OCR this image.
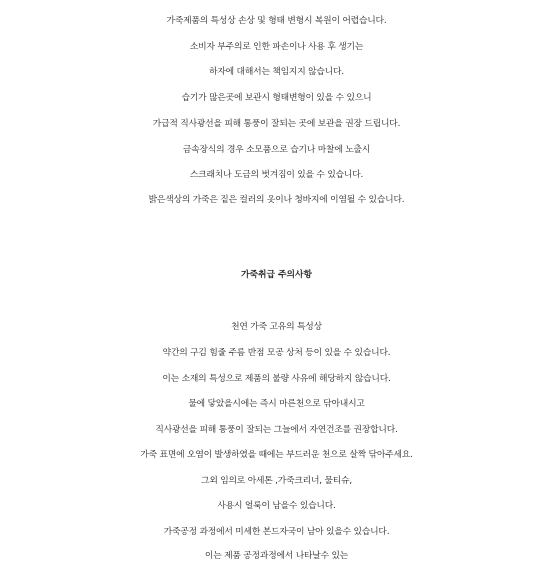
가죽제품의 특성상 손상 및 형태 변형시 복원이 어렵습니다.
소비자 부주의로 인한 파손이나 사용 후 생기는
하자에 대해서는 책임지지 않습니다.
습기가 많은곳에 보관시 형태변형이 있을 수 있으니
가급적 직사광선을 피해 통풍이 잘되는 곳에 보관을 권장 드립니다.
금속장식의 경우 소모품으로 습기나 마찰에 노출시
스크래치나 도금의 벗겨짐이 있을 수 있습니다.
밝은색상의 가죽은 짙은 컬러의 옷이나 청바지에 이염될 수 있습니다.
가죽취급 주의사항
천연 가죽 고유의 특성상
약간의 구김 힘줄 주름 반점 모공 상처 등이 있을 수 있습니다.
이는 소재의 특성으로 제품의 불량 사유에 해당하지 않습니다.
물에 닿았을시에는 즉시 마른천으로 닦아내시고
직사광선을 피해 통풍이 잘되는 그늘에서 자연건조를 권장합니다.
가죽 표면에 오염이 발생하였을 때에는 부드러운 천으로 살짝 닦아주세요.
그외 임의로 아세톤 ,가죽크리너, 물티슈,
사용시 얼룩이 남을수 있습니다.
가죽공정 과정에서 미세한 본드자국이 남아 있을수 있습니다.
이는 제품 공정과정에서 나타날수 있는
